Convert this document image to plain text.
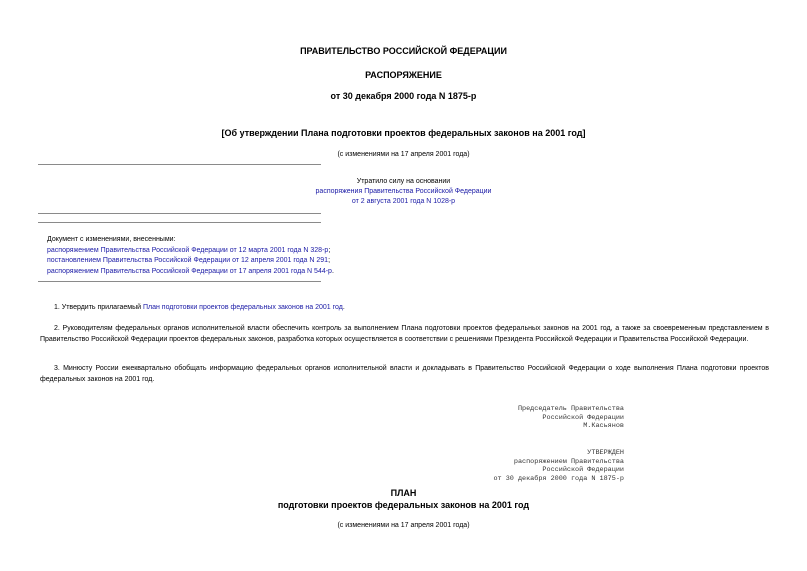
ПРАВИТЕЛЬСТВО РОССИЙСКОЙ ФЕДЕРАЦИИ
РАСПОРЯЖЕНИЕ
от 30 декабря 2000 года N 1875-р
[Об утверждении Плана подготовки проектов федеральных законов на 2001 год]
(с изменениями на 17 апреля 2001 года)
Утратило силу на основании
распоряжения Правительства Российской Федерации
от 2 августа 2001 года N 1028-р
Документ с изменениями, внесенными:
распоряжением Правительства Российской Федерации от 12 марта 2001 года N 328-р;
постановлением Правительства Российской Федерации от 12 апреля 2001 года N 291;
распоряжением Правительства Российской Федерации от 17 апреля 2001 года N 544-р.
1. Утвердить прилагаемый План подготовки проектов федеральных законов на 2001 год.
2. Руководителям федеральных органов исполнительной власти обеспечить контроль за выполнением Плана подготовки проектов федеральных законов на 2001 год, а также за своевременным представлением в Правительство Российской Федерации проектов федеральных законов, разработка которых осуществляется в соответствии с решениями Президента Российской Федерации и Правительства Российской Федерации.
3. Минюсту России ежеквартально обобщать информацию федеральных органов исполнительной власти и докладывать в Правительство Российской Федерации о ходе выполнения Плана подготовки проектов федеральных законов на 2001 год.
Председатель Правительства
Российской Федерации
М.Касьянов
УТВЕРЖДЕН
распоряжением Правительства
Российской Федерации
от 30 декабря 2000 года N 1875-р
ПЛАН
подготовки проектов федеральных законов на 2001 год
(с изменениями на 17 апреля 2001 года)
